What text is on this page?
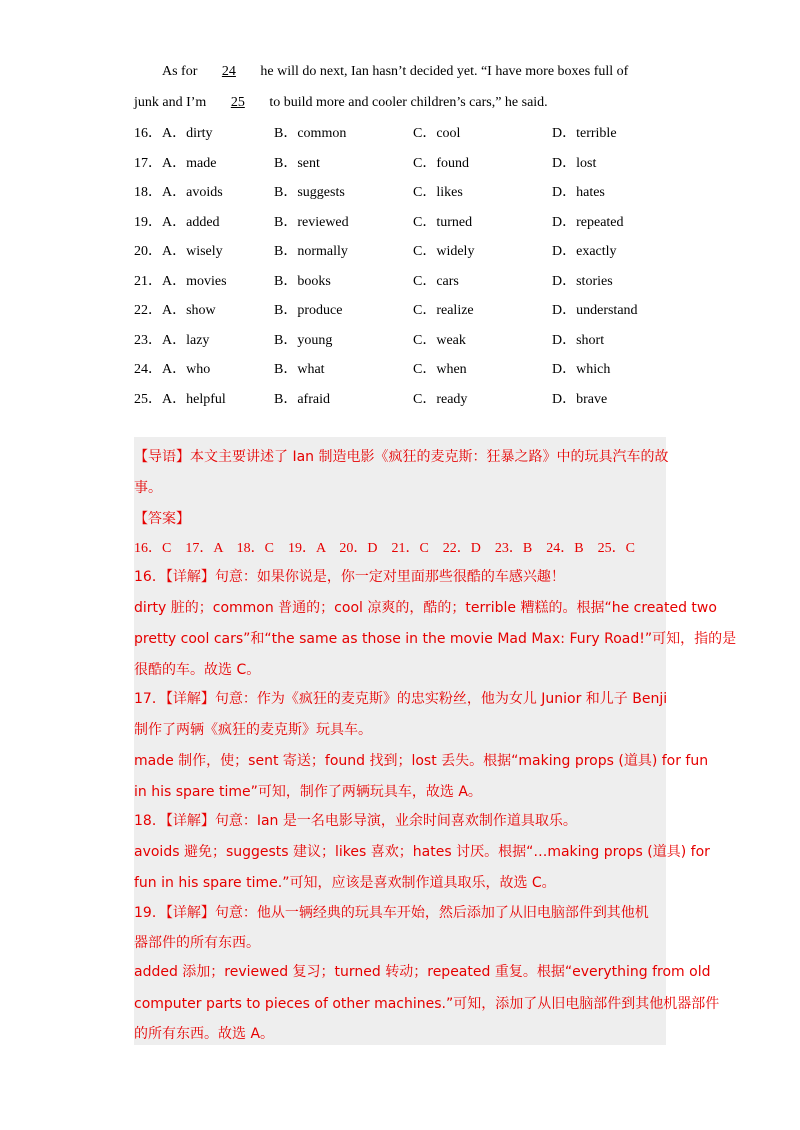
As for 24 he will do next, Ian hasn’t decided yet. “I have more boxes full of
junk and I’m 25 to build more and cooler children’s cars,” he said.
16．A．dirty	B．common	C．cool	D．terrible
17．A．made	B．sent	C．found	D．lost
18．A．avoids	B．suggests	C．likes	D．hates
19．A．added	B．reviewed	C．turned	D．repeated
20．A．wisely	B．normally	C．widely	D．exactly
21．A．movies	B．books	C．cars	D．stories
22．A．show	B．produce	C．realize	D．understand
23．A．lazy	B．young	C．weak	D．short
24．A．who	B．what	C．when	D．which
25．A．helpful	B．afraid	C．ready	D．brave
【导语】本文主要讲述了 Ian 制造电影《疯狂的麦克斯：狂暴之路》中的玩具汽车的故
事。
【答案】
16．C　17．A　18．C　19．A　20．D　21．C　22．D　23．B　24．B　25．C
16．【详解】句意：如果你说是，你一定对里面那些很酷的车感兴趣！
dirty 脏的；common 普通的；cool 凉爽的，酷的；terrible 糟糕的。根据“he created two
pretty cool cars”和“the same as those in the movie Mad Max: Fury Road!”可知，指的是
很酷的车。故选 C。
17．【详解】句意：作为《疯狂的麦克斯》的忠实粉丝，他为女儿 Junior 和儿子 Benji
制作了两辆《疯狂的麦克斯》玩具车。
made 制作，使；sent 寄送；found 找到；lost 丢失。根据“making props (道具) for fun
in his spare time”可知，制作了两辆玩具车，故选 A。
18．【详解】句意：Ian 是一名电影导演，业余时间喜欢制作道具取乐。
avoids 避免；suggests 建议；likes 喜欢；hates 讨厌。根据“…making props (道具) for
fun in his spare time.”可知，应该是喜欢制作道具取乐，故选 C。
19．【详解】句意：他从一辆经典的玩具车开始，然后添加了从旧电脑部件到其他机
器部件的所有东西。
added 添加；reviewed 复习；turned 转动；repeated 重复。根据“everything from old
computer parts to pieces of other machines.”可知，添加了从旧电脑部件到其他机器部件
的所有东西。故选 A。
